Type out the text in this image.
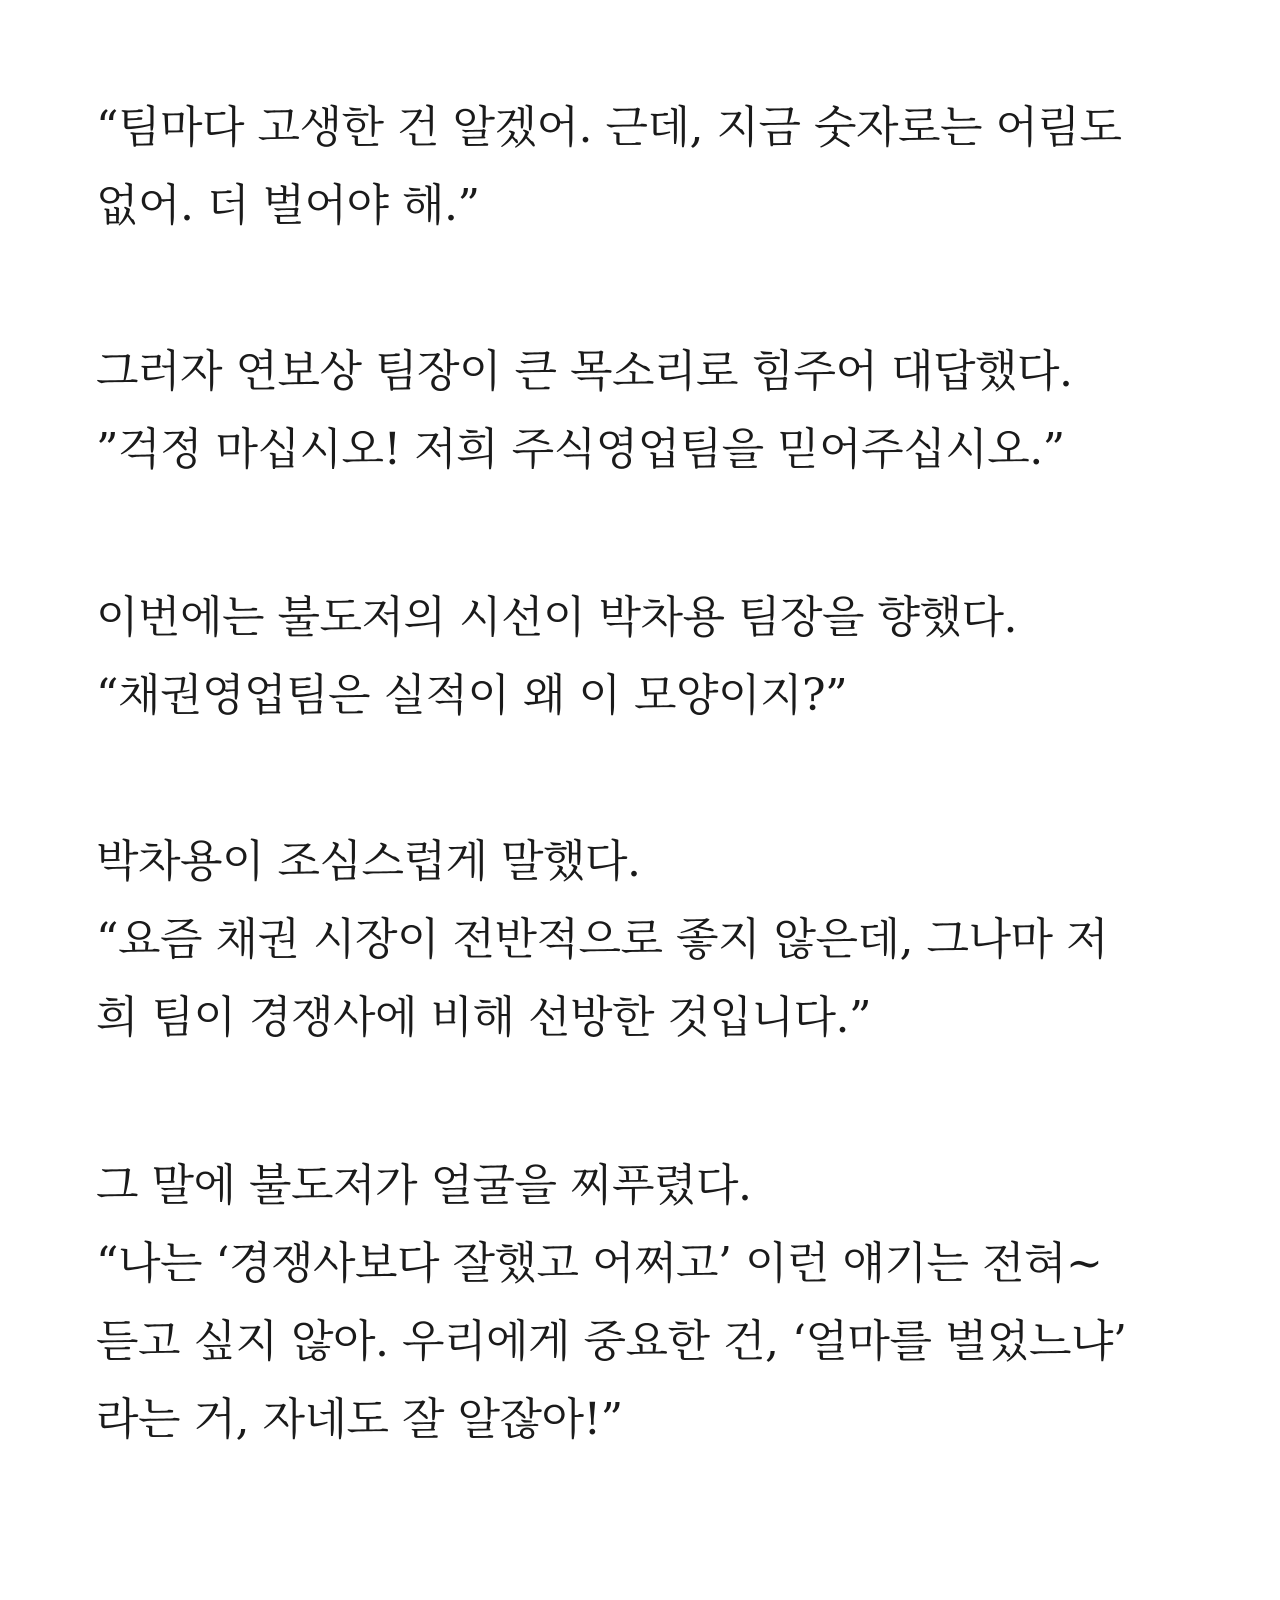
“팀마다 고생한 건 알겠어. 근데, 지금 숫자로는 어림도
없어. 더 벌어야 해.”
그러자 연보상 팀장이 큰 목소리로 힘주어 대답했다.
”걱정 마십시오! 저희 주식영업팀을 믿어주십시오.”
이번에는 불도저의 시선이 박차용 팀장을 향했다.
“채권영업팀은 실적이 왜 이 모양이지?”
박차용이 조심스럽게 말했다.
“요즘 채권 시장이 전반적으로 좋지 않은데, 그나마 저
희 팀이 경쟁사에 비해 선방한 것입니다.”
그 말에 불도저가 얼굴을 찌푸렸다.
“나는 ‘경쟁사보다 잘했고 어쩌고’ 이런 얘기는 전혀~
듣고 싶지 않아. 우리에게 중요한 건, ‘얼마를 벌었느냐’
라는 거, 자네도 잘 알잖아!”
